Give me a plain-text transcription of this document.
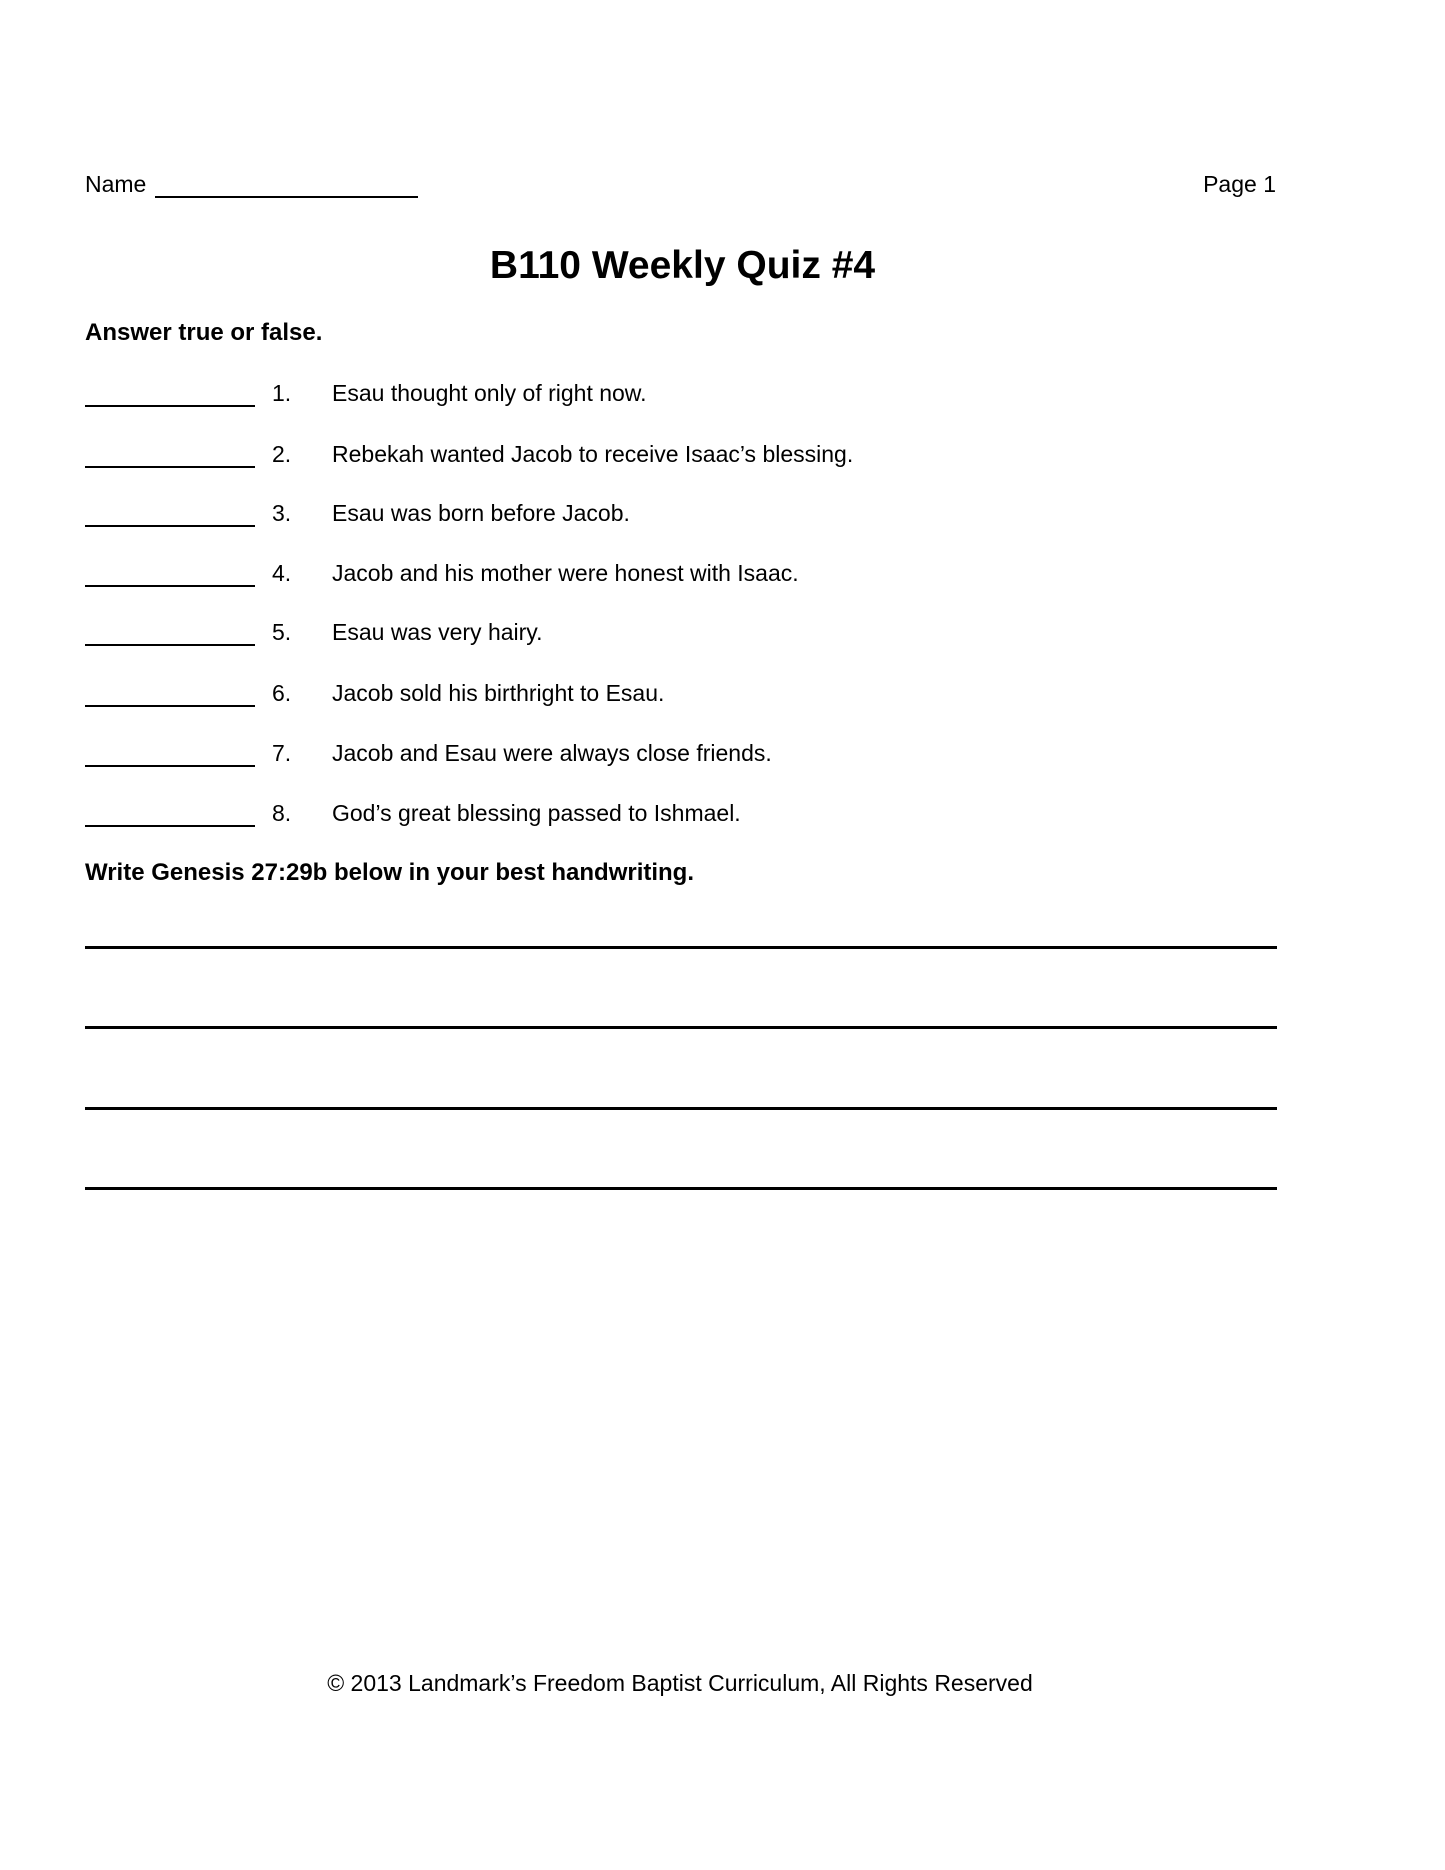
Name	Page 1
B110 Weekly Quiz #4
Answer true or false.
1. Esau thought only of right now.
2. Rebekah wanted Jacob to receive Isaac’s blessing.
3. Esau was born before Jacob.
4. Jacob and his mother were honest with Isaac.
5. Esau was very hairy.
6. Jacob sold his birthright to Esau.
7. Jacob and Esau were always close friends.
8. God’s great blessing passed to Ishmael.
Write Genesis 27:29b below in your best handwriting.
© 2013 Landmark’s Freedom Baptist Curriculum, All Rights Reserved
